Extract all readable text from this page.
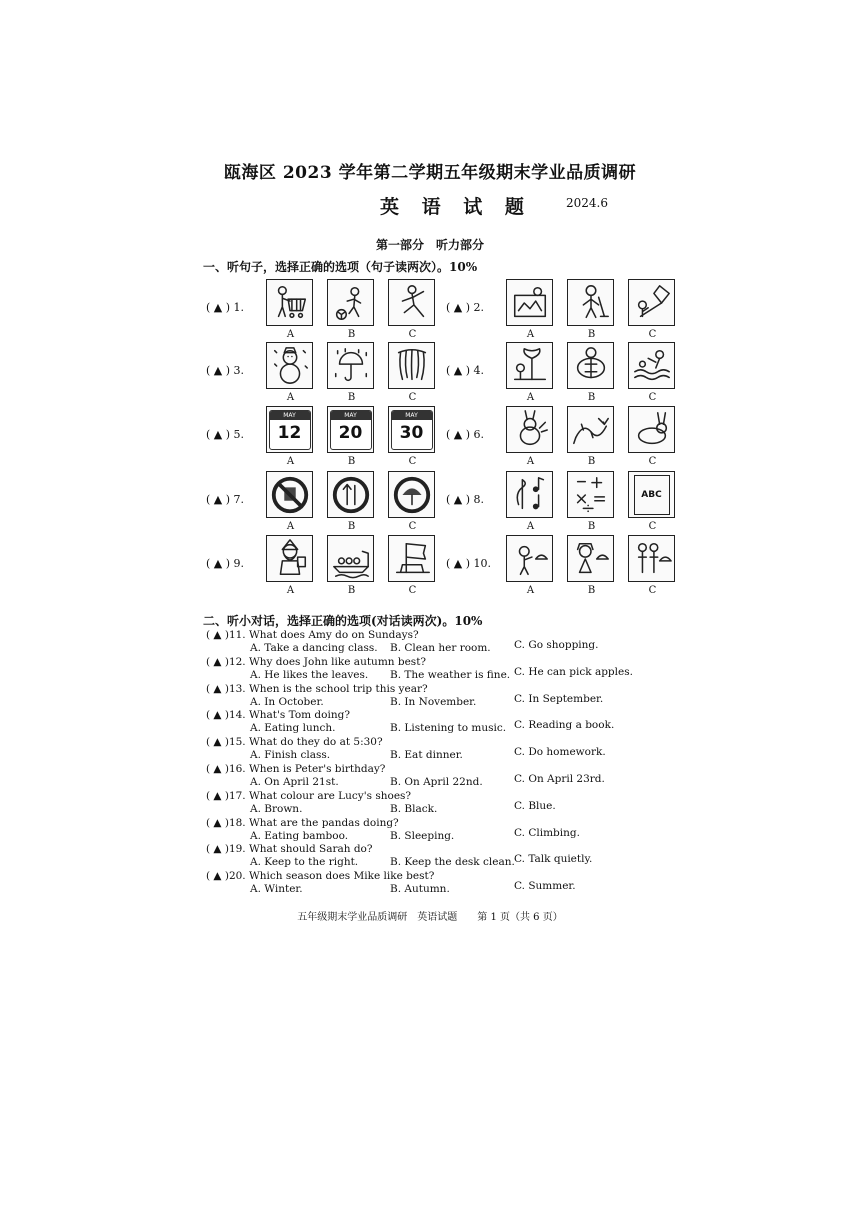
瓯海区 2023 学年第二学期五年级期末学业品质调研
英 语 试 题	2024.6
第一部分　听力部分
一、听句子，选择正确的选项（句子读两次）。10%
( ▲ ) 1.
A	B	C
( ▲ ) 2.
A	B	C
( ▲ ) 3.
A	B	C
( ▲ ) 4.
A	B	C
( ▲ ) 5.
MAY
12
A
MAY
20
B
MAY
30
C
( ▲ ) 6.
A	B	C
( ▲ ) 7.
A	B	C
( ▲ ) 8.
A	B
ABC
C
( ▲ ) 9.
A	B	C
( ▲ ) 10.
A	B	C
二、听小对话，选择正确的选项(对话读两次)。10%
( ▲ )11. What does Amy do on Sundays?
A. Take a dancing class. B. Clean her room. C. Go shopping.
( ▲ )12. Why does John like autumn best?
A. He likes the leaves. B. The weather is fine. C. He can pick apples.
( ▲ )13. When is the school trip this year?
A. In October.	B. In November.	C. In September.
( ▲ )14. What's Tom doing?
A. Eating lunch.	B. Listening to music. C. Reading a book.
( ▲ )15. What do they do at 5:30?
A. Finish class.	B. Eat dinner.	C. Do homework.
( ▲ )16. When is Peter's birthday?
A. On April 21st.	B. On April 22nd.	C. On April 23rd.
( ▲ )17. What colour are Lucy's shoes?
A. Brown.	B. Black.	C. Blue.
( ▲ )18. What are the pandas doing?
A. Eating bamboo.	B. Sleeping.	C. Climbing.
( ▲ )19. What should Sarah do?
A. Keep to the right.	B. Keep the desk clean. C. Talk quietly.
( ▲ )20. Which season does Mike like best?
A. Winter.	B. Autumn.	C. Summer.
五年级期末学业品质调研　英语试题　　第 1 页（共 6 页）
